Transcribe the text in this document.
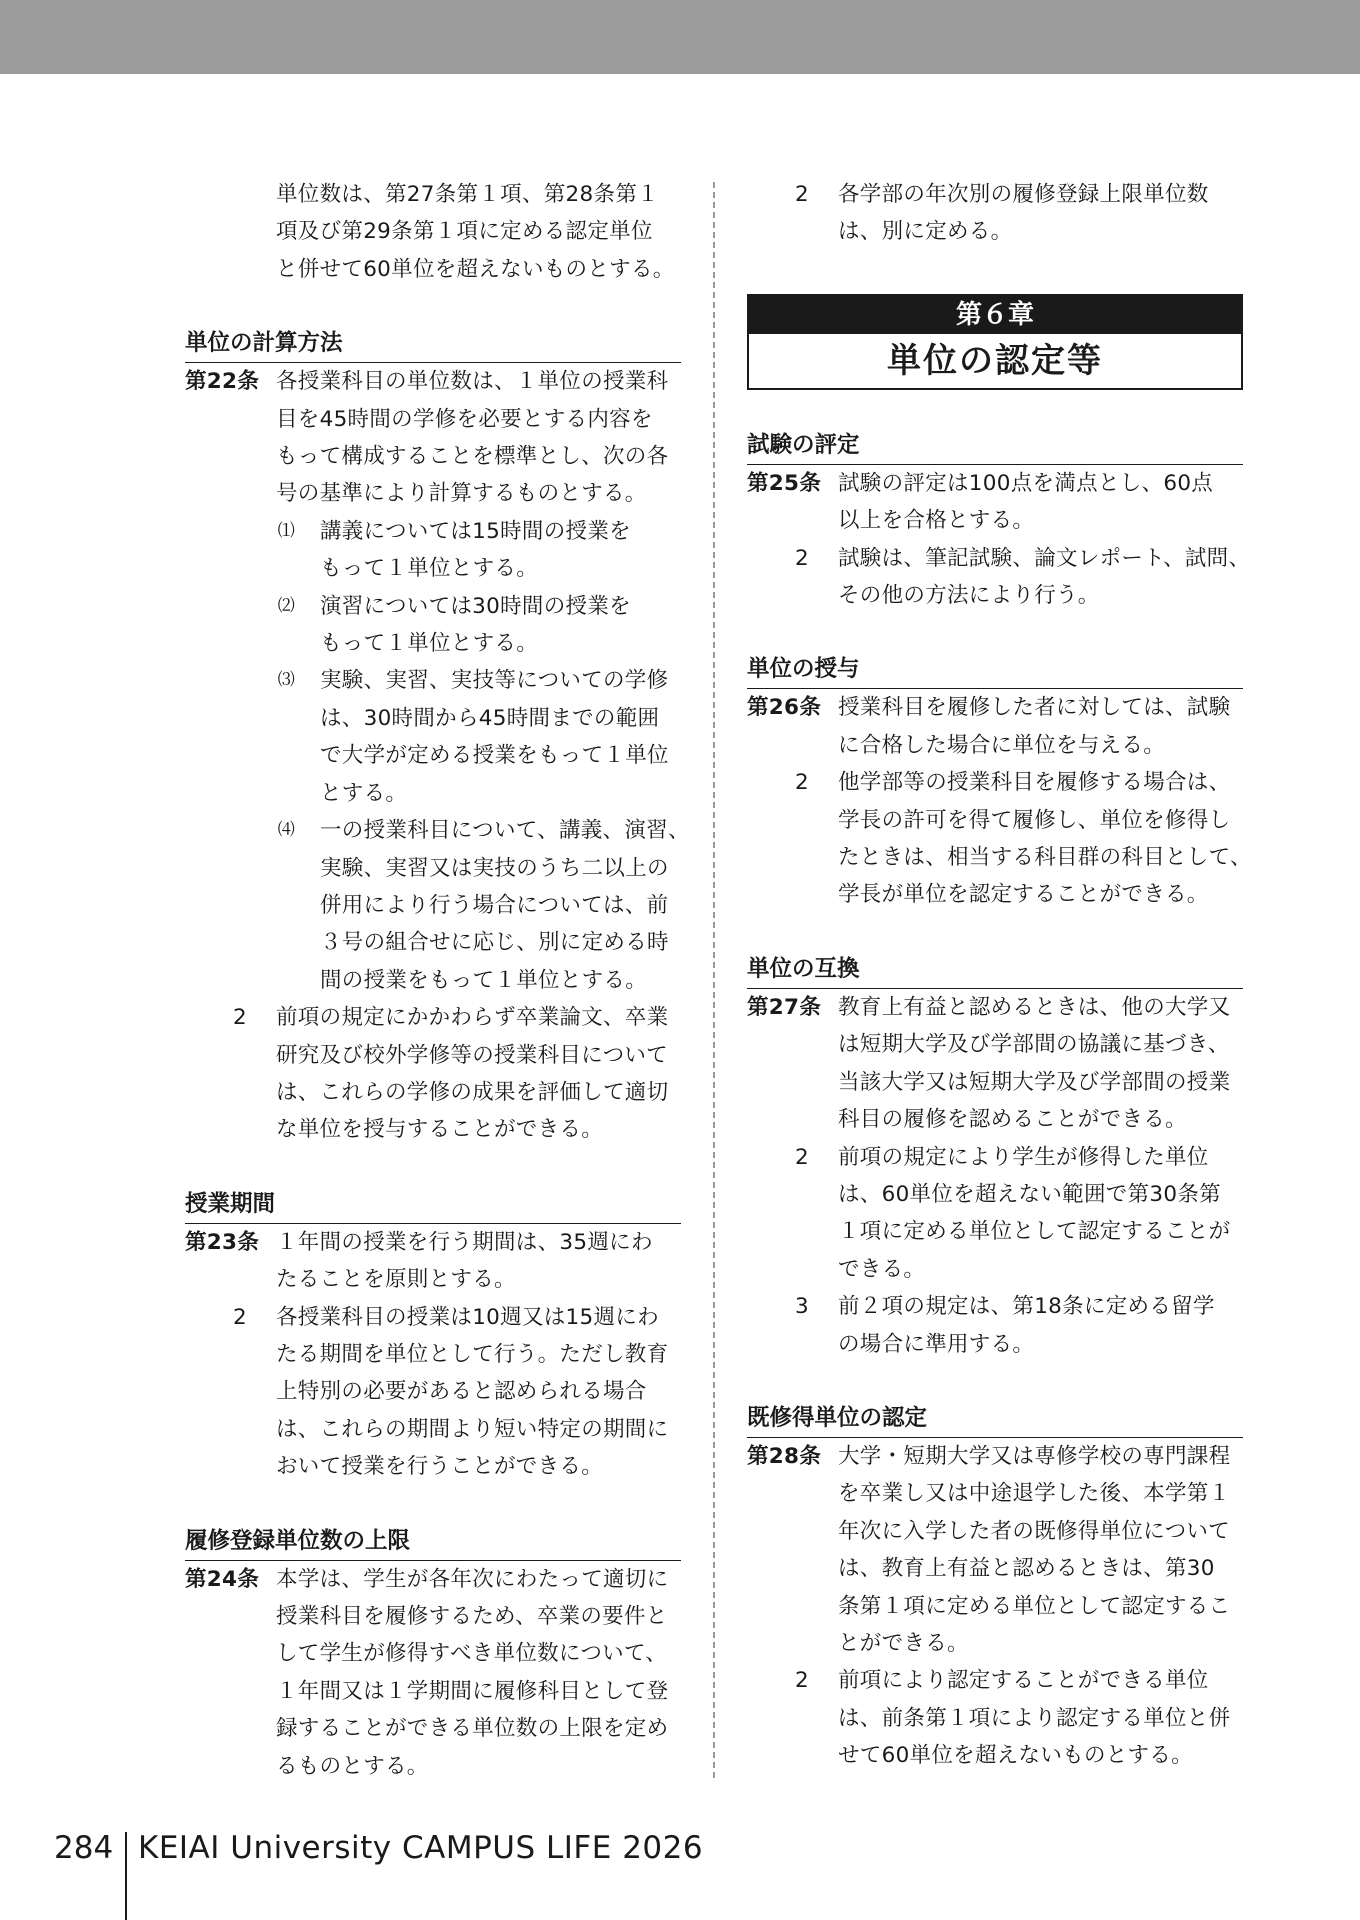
単位数は、第27条第１項、第28条第１
項及び第29条第１項に定める認定単位
と併せて60単位を超えないものとする。
単位の計算方法
第22条 各授業科目の単位数は、１単位の授業科
目を45時間の学修を必要とする内容を
もって構成することを標準とし、次の各
号の基準により計算するものとする。
⑴	講義については15時間の授業を
もって１単位とする。
⑵	演習については30時間の授業を
もって１単位とする。
⑶	実験、実習、実技等についての学修
は、30時間から45時間までの範囲
で大学が定める授業をもって１単位
とする。
⑷	一の授業科目について、講義、演習、
実験、実習又は実技のうち二以上の
併用により行う場合については、前
３号の組合せに応じ、別に定める時
間の授業をもって１単位とする。
2	前項の規定にかかわらず卒業論文、卒業
研究及び校外学修等の授業科目について
は、これらの学修の成果を評価して適切
な単位を授与することができる。
授業期間
第23条 １年間の授業を行う期間は、35週にわ
たることを原則とする。
2	各授業科目の授業は10週又は15週にわ
たる期間を単位として行う。ただし教育
上特別の必要があると認められる場合
は、これらの期間より短い特定の期間に
おいて授業を行うことができる。
履修登録単位数の上限
第24条 本学は、学生が各年次にわたって適切に
授業科目を履修するため、卒業の要件と
して学生が修得すべき単位数について、
１年間又は１学期間に履修科目として登
録することができる単位数の上限を定め
るものとする。
2	各学部の年次別の履修登録上限単位数
は、別に定める。
第６章
単位の認定等
試験の評定
第25条 試験の評定は100点を満点とし、60点
以上を合格とする。
2	試験は、筆記試験、論文レポート、試問、
その他の方法により行う。
単位の授与
第26条 授業科目を履修した者に対しては、試験
に合格した場合に単位を与える。
2	他学部等の授業科目を履修する場合は、
学長の許可を得て履修し、単位を修得し
たときは、相当する科目群の科目として、
学長が単位を認定することができる。
単位の互換
第27条 教育上有益と認めるときは、他の大学又
は短期大学及び学部間の協議に基づき、
当該大学又は短期大学及び学部間の授業
科目の履修を認めることができる。
2	前項の規定により学生が修得した単位
は、60単位を超えない範囲で第30条第
１項に定める単位として認定することが
できる。
3	前２項の規定は、第18条に定める留学
の場合に準用する。
既修得単位の認定
第28条 大学・短期大学又は専修学校の専門課程
を卒業し又は中途退学した後、本学第１
年次に入学した者の既修得単位について
は、教育上有益と認めるときは、第30
条第１項に定める単位として認定するこ
とができる。
2	前項により認定することができる単位
は、前条第１項により認定する単位と併
せて60単位を超えないものとする。
284 KEIAI University CAMPUS LIFE 2026
